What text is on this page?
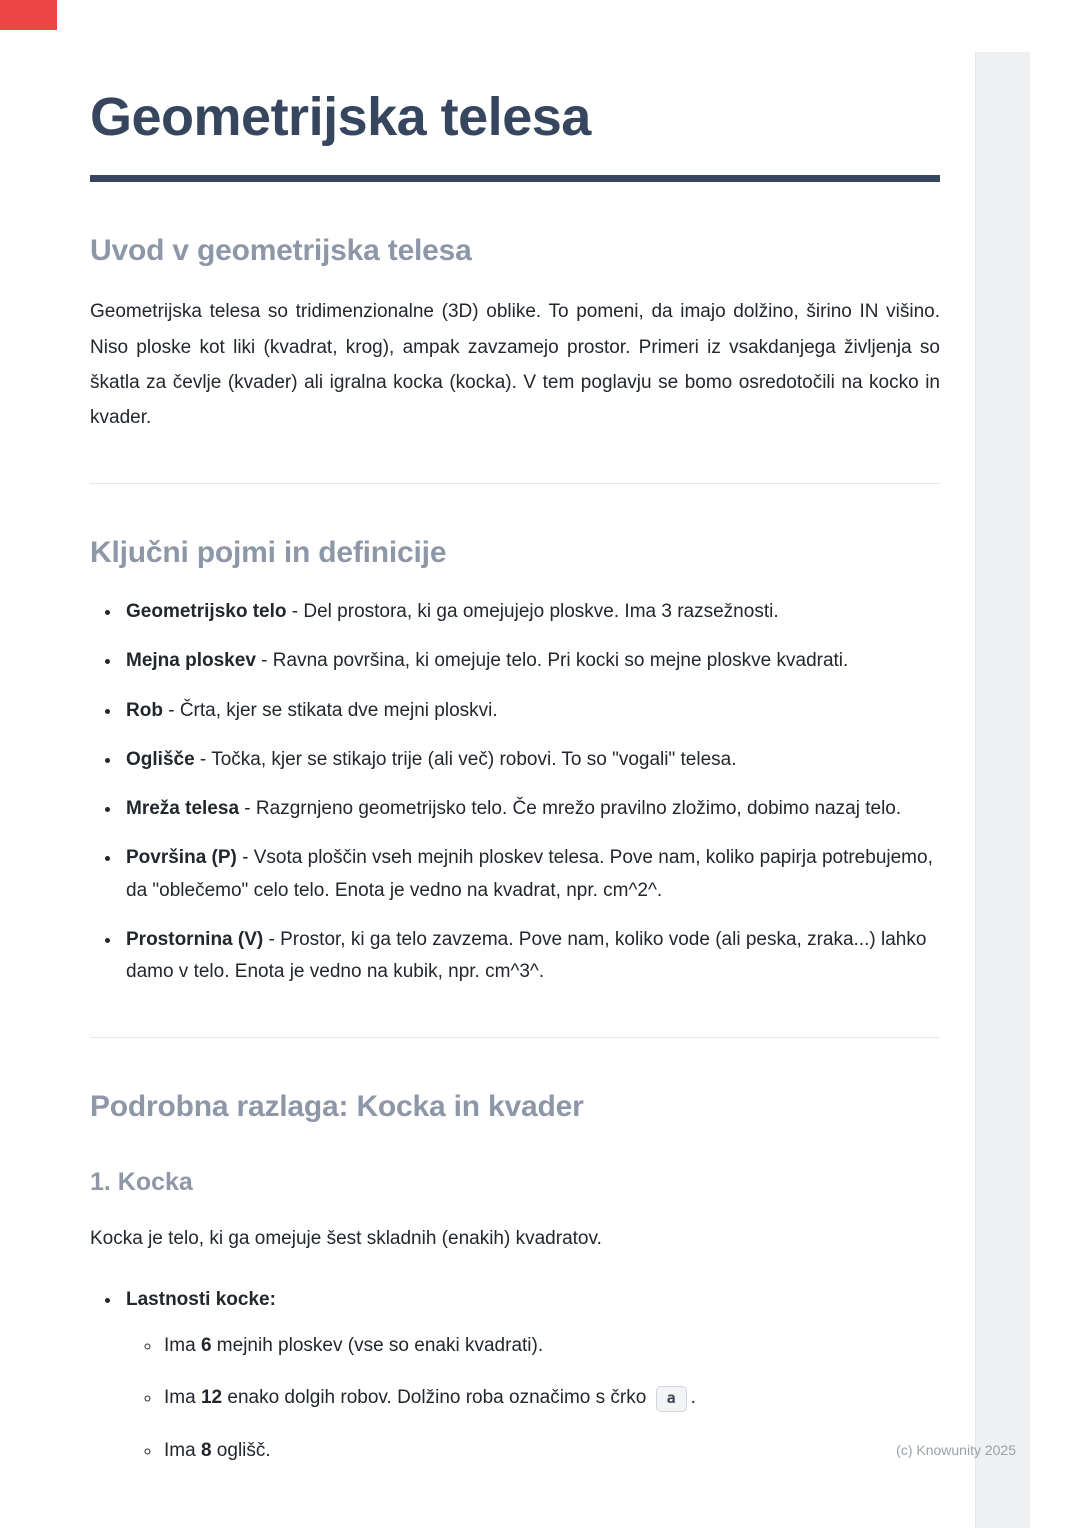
Geometrijska telesa
Uvod v geometrijska telesa

Geometrijska telesa so tridimenzionalne (3D) oblike. To pomeni, da imajo dolžino, širino IN višino. Niso ploske kot liki (kvadrat, krog), ampak zavzamejo prostor. Primeri iz vsakdanjega življenja so škatla za čevlje (kvader) ali igralna kocka (kocka). V tem poglavju se bomo osredotočili na kocko in kvader.

Ključni pojmi in definicije
• Geometrijsko telo - Del prostora, ki ga omejujejo ploskve. Ima 3 razsežnosti.
• Mejna ploskev - Ravna površina, ki omejuje telo. Pri kocki so mejne ploskve kvadrati.
• Rob - Črta, kjer se stikata dve mejni ploskvi.
• Oglišče - Točka, kjer se stikajo trije (ali več) robovi. To so "vogali" telesa.
• Mreža telesa - Razgrnjeno geometrijsko telo. Če mrežo pravilno zložimo, dobimo nazaj telo.
• Površina (P) - Vsota ploščin vseh mejnih ploskev telesa. Pove nam, koliko papirja potrebujemo, da "oblečemo" celo telo. Enota je vedno na kvadrat, npr. cm^2^.
• Prostornina (V) - Prostor, ki ga telo zavzema. Pove nam, koliko vode (ali peska, zraka...) lahko damo v telo. Enota je vedno na kubik, npr. cm^3^.
Podrobna razlaga: Kocka in kvader
1. Kocka

Kocka je telo, ki ga omejuje šest skladnih (enakih) kvadratov.

• Lastnosti kocke:
◦ Ima 6 mejnih ploskev (vse so enaki kvadrati).
◦ Ima 12 enako dolgih robov. Dolžino roba označimo s črko a .
◦ Ima 8 oglišč.	(c) Knowunity 2025
